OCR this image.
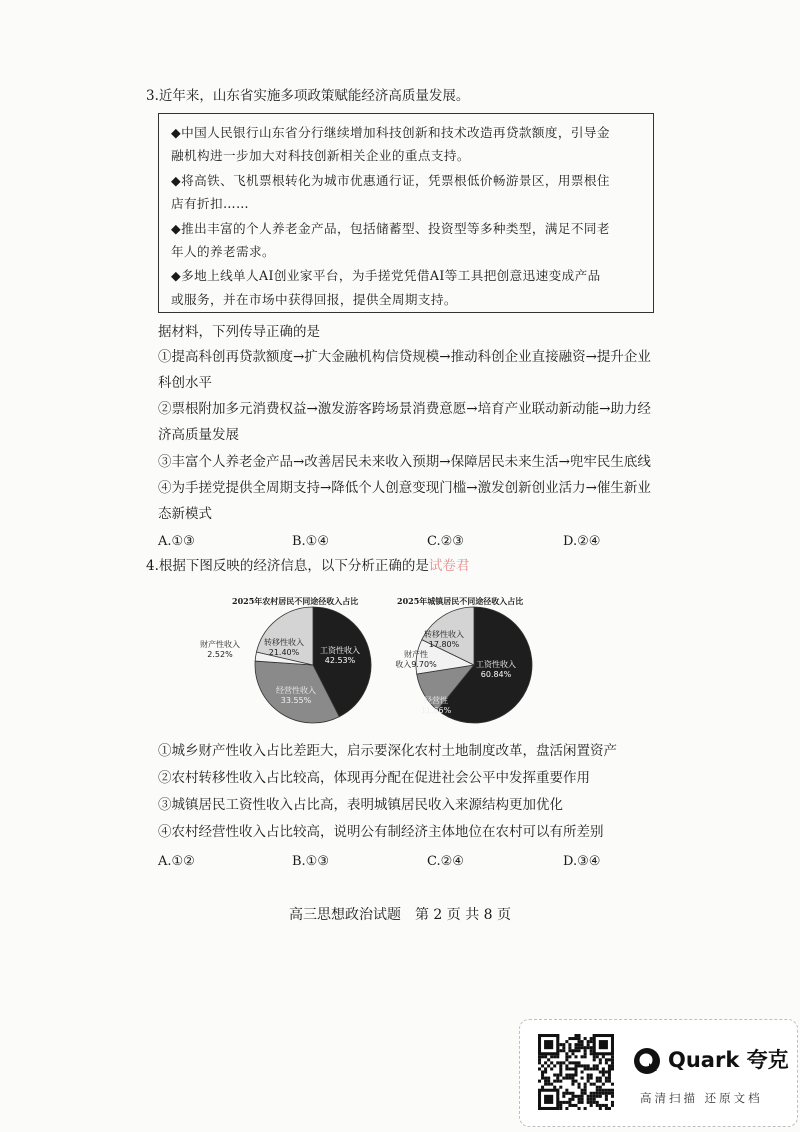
3.近年来，山东省实施多项政策赋能经济高质量发展。
◆中国人民银行山东省分行继续增加科技创新和技术改造再贷款额度，引导金
融机构进一步加大对科技创新相关企业的重点支持。
◆将高铁、飞机票根转化为城市优惠通行证，凭票根低价畅游景区，用票根住
店有折扣……
◆推出丰富的个人养老金产品，包括储蓄型、投资型等多种类型，满足不同老
年人的养老需求。
◆多地上线单人AI创业家平台，为手搓党凭借AI等工具把创意迅速变成产品
或服务，并在市场中获得回报，提供全周期支持。
据材料，下列传导正确的是
①提高科创再贷款额度→扩大金融机构信贷规模→推动科创企业直接融资→提升企业
科创水平
②票根附加多元消费权益→激发游客跨场景消费意愿→培育产业联动新动能→助力经
济高质量发展
③丰富个人养老金产品→改善居民未来收入预期→保障居民未来生活→兜牢民生底线
④为手搓党提供全周期支持→降低个人创意变现门槛→激发创新创业活力→催生新业
态新模式
A.①③	B.①④	C.②③	D.②④
4.根据下图反映的经济信息，以下分析正确的是试卷君
2025年农村居民不同途径收入占比
工资性收入 42.53%
经营性收入 33.55%
财产性收入 2.52%
转移性收入 21.40%
2025年城镇居民不同途径收入占比
工资性收入 60.84%
经营性 11.66%
财产性收入9.70%
转移性收入 17.80%
①城乡财产性收入占比差距大，启示要深化农村土地制度改革，盘活闲置资产
②农村转移性收入占比较高，体现再分配在促进社会公平中发挥重要作用
③城镇居民工资性收入占比高，表明城镇居民收入来源结构更加优化
④农村经营性收入占比较高，说明公有制经济主体地位在农村可以有所差别
A.①②	B.①③	C.②④	D.③④
高三思想政治试题　第 2 页 共 8 页
Quark 夸克
高清扫描 还原文档
